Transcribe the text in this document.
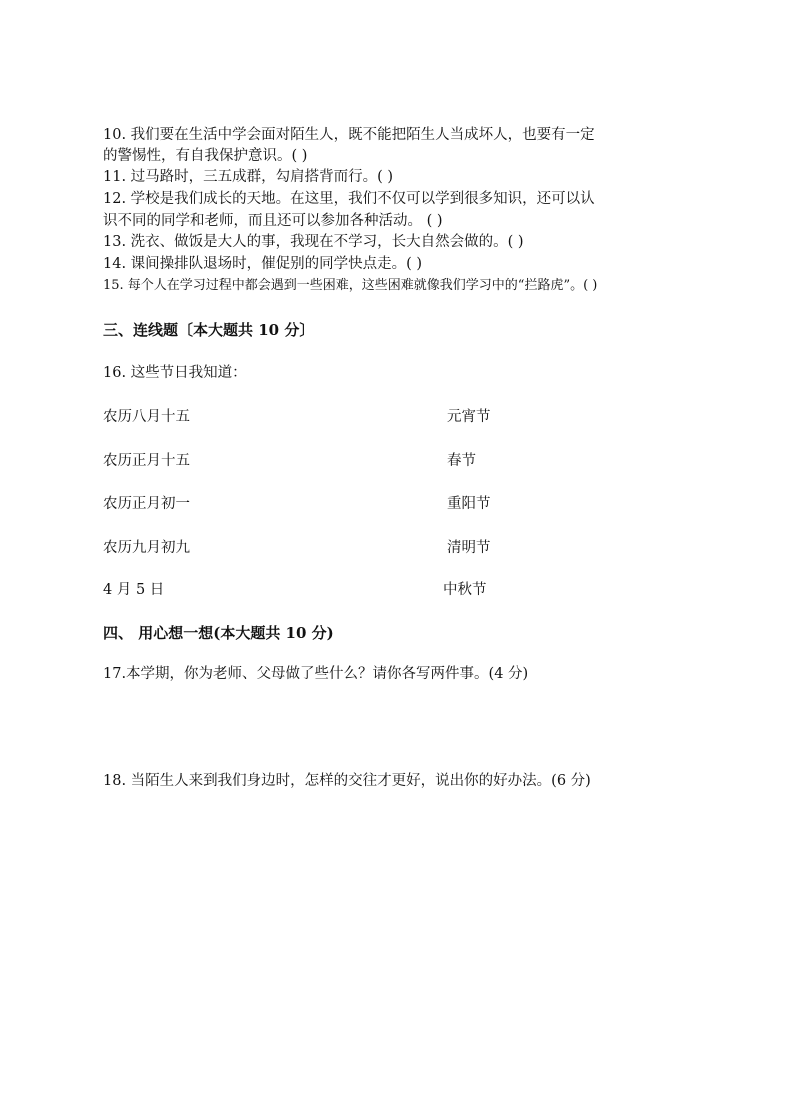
10. 我们要在生活中学会面对陌生人，既不能把陌生人当成坏人，也要有一定
的警惕性，有自我保护意识。( )
11. 过马路时，三五成群，勾肩搭背而行。( )
12. 学校是我们成长的天地。在这里，我们不仅可以学到很多知识，还可以认
识不同的同学和老师，而且还可以参加各种活动。 ( )
13. 洗衣、做饭是大人的事，我现在不学习，长大自然会做的。( )
14. 课间操排队退场时，催促别的同学快点走。( )
15. 每个人在学习过程中都会遇到一些困难，这些困难就像我们学习中的“拦路虎”。( )
三、连线题〔本大题共 10 分〕
16. 这些节日我知道：
农历八月十五
农历正月十五
农历正月初一
农历九月初九
4 月 5 日
元宵节
春节
重阳节
清明节
中秋节
四、 用心想一想(本大题共 10 分)
17.本学期，你为老师、父母做了些什么？请你各写两件事。(4 分)
18. 当陌生人来到我们身边时，怎样的交往才更好，说出你的好办法。(6 分)
